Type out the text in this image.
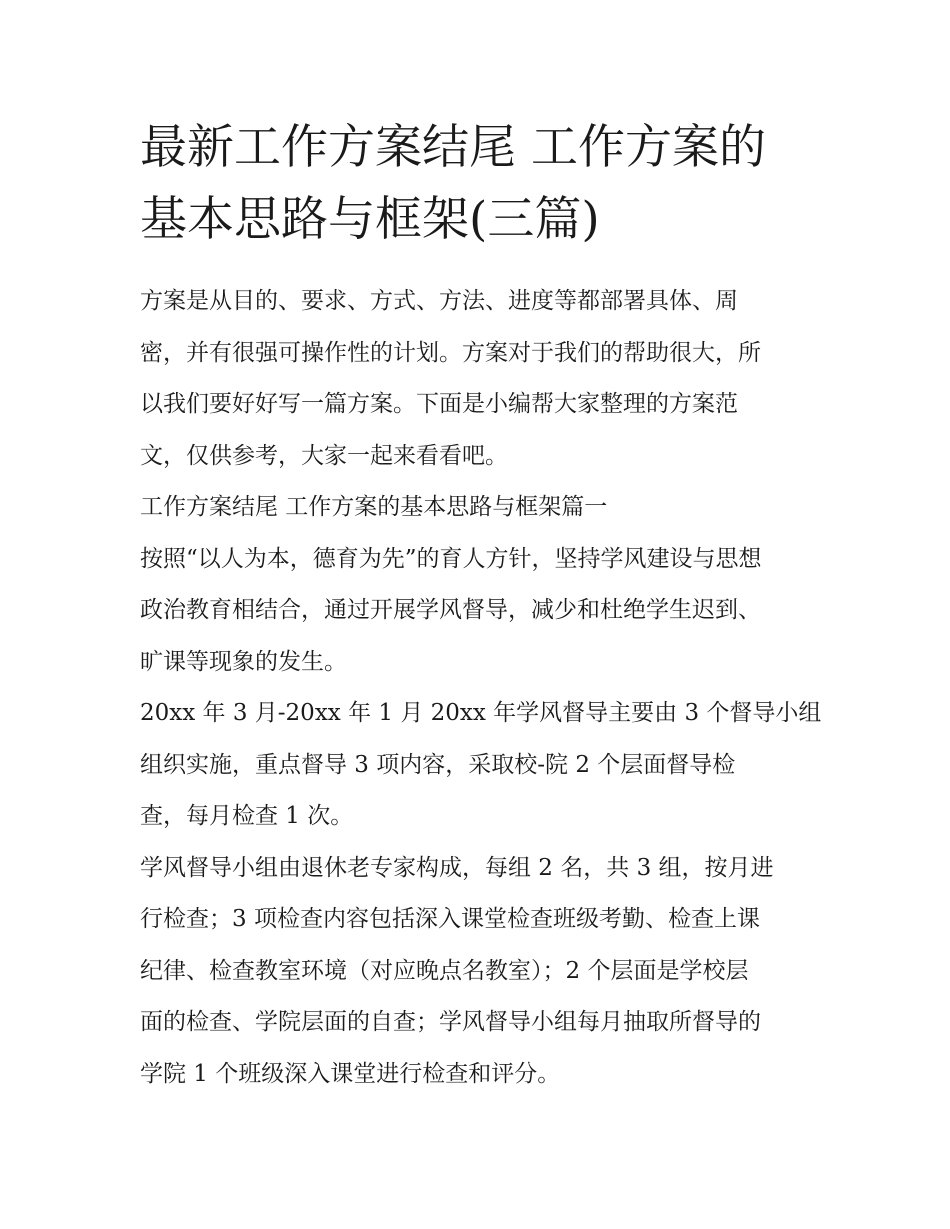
最新工作方案结尾 工作方案的
基本思路与框架(三篇)

方案是从目的、要求、方式、方法、进度等都部署具体、周
密，并有很强可操作性的计划。方案对于我们的帮助很大，所
以我们要好好写一篇方案。下面是小编帮大家整理的方案范
文，仅供参考，大家一起来看看吧。

工作方案结尾 工作方案的基本思路与框架篇一

按照“以人为本，德育为先”的育人方针，坚持学风建设与思想
政治教育相结合，通过开展学风督导，减少和杜绝学生迟到、
旷课等现象的发生。

20xx 年 3 月-20xx 年 1 月 20xx 年学风督导主要由 3 个督导小组
组织实施，重点督导 3 项内容，采取校-院 2 个层面督导检
查，每月检查 1 次。

学风督导小组由退休老专家构成，每组 2 名，共 3 组，按月进
行检查；3 项检查内容包括深入课堂检查班级考勤、检查上课
纪律、检查教室环境（对应晚点名教室）；2 个层面是学校层
面的检查、学院层面的自查；学风督导小组每月抽取所督导的
学院 1 个班级深入课堂进行检查和评分。
